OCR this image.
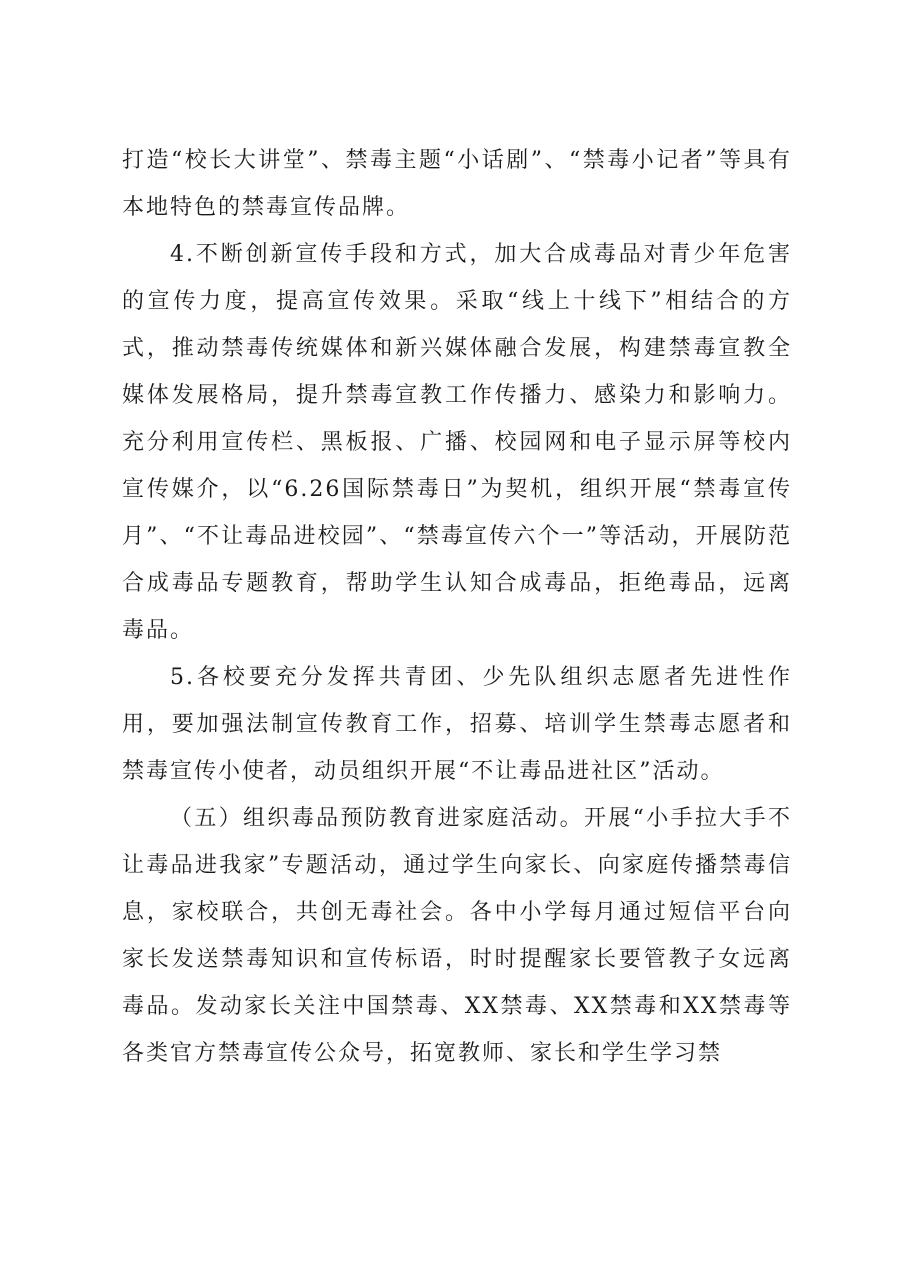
打造“校长大讲堂”、禁毒主题“小话剧”、“禁毒小记者”等具有本地特色的禁毒宣传品牌。

4.不断创新宣传手段和方式，加大合成毒品对青少年危害的宣传力度，提高宣传效果。采取“线上十线下”相结合的方式，推动禁毒传统媒体和新兴媒体融合发展，构建禁毒宣教全媒体发展格局，提升禁毒宣教工作传播力、感染力和影响力。充分利用宣传栏、黑板报、广播、校园网和电子显示屏等校内宣传媒介，以“6.26国际禁毒日”为契机，组织开展“禁毒宣传月”、“不让毒品进校园”、“禁毒宣传六个一”等活动，开展防范合成毒品专题教育，帮助学生认知合成毒品，拒绝毒品，远离毒品。

5.各校要充分发挥共青团、少先队组织志愿者先进性作用，要加强法制宣传教育工作，招募、培训学生禁毒志愿者和禁毒宣传小使者，动员组织开展“不让毒品进社区”活动。

（五）组织毒品预防教育进家庭活动。开展“小手拉大手不让毒品进我家”专题活动，通过学生向家长、向家庭传播禁毒信息，家校联合，共创无毒社会。各中小学每月通过短信平台向家长发送禁毒知识和宣传标语，时时提醒家长要管教子女远离毒品。发动家长关注中国禁毒、XX禁毒、XX禁毒和XX禁毒等各类官方禁毒宣传公众号，拓宽教师、家长和学生学习禁
